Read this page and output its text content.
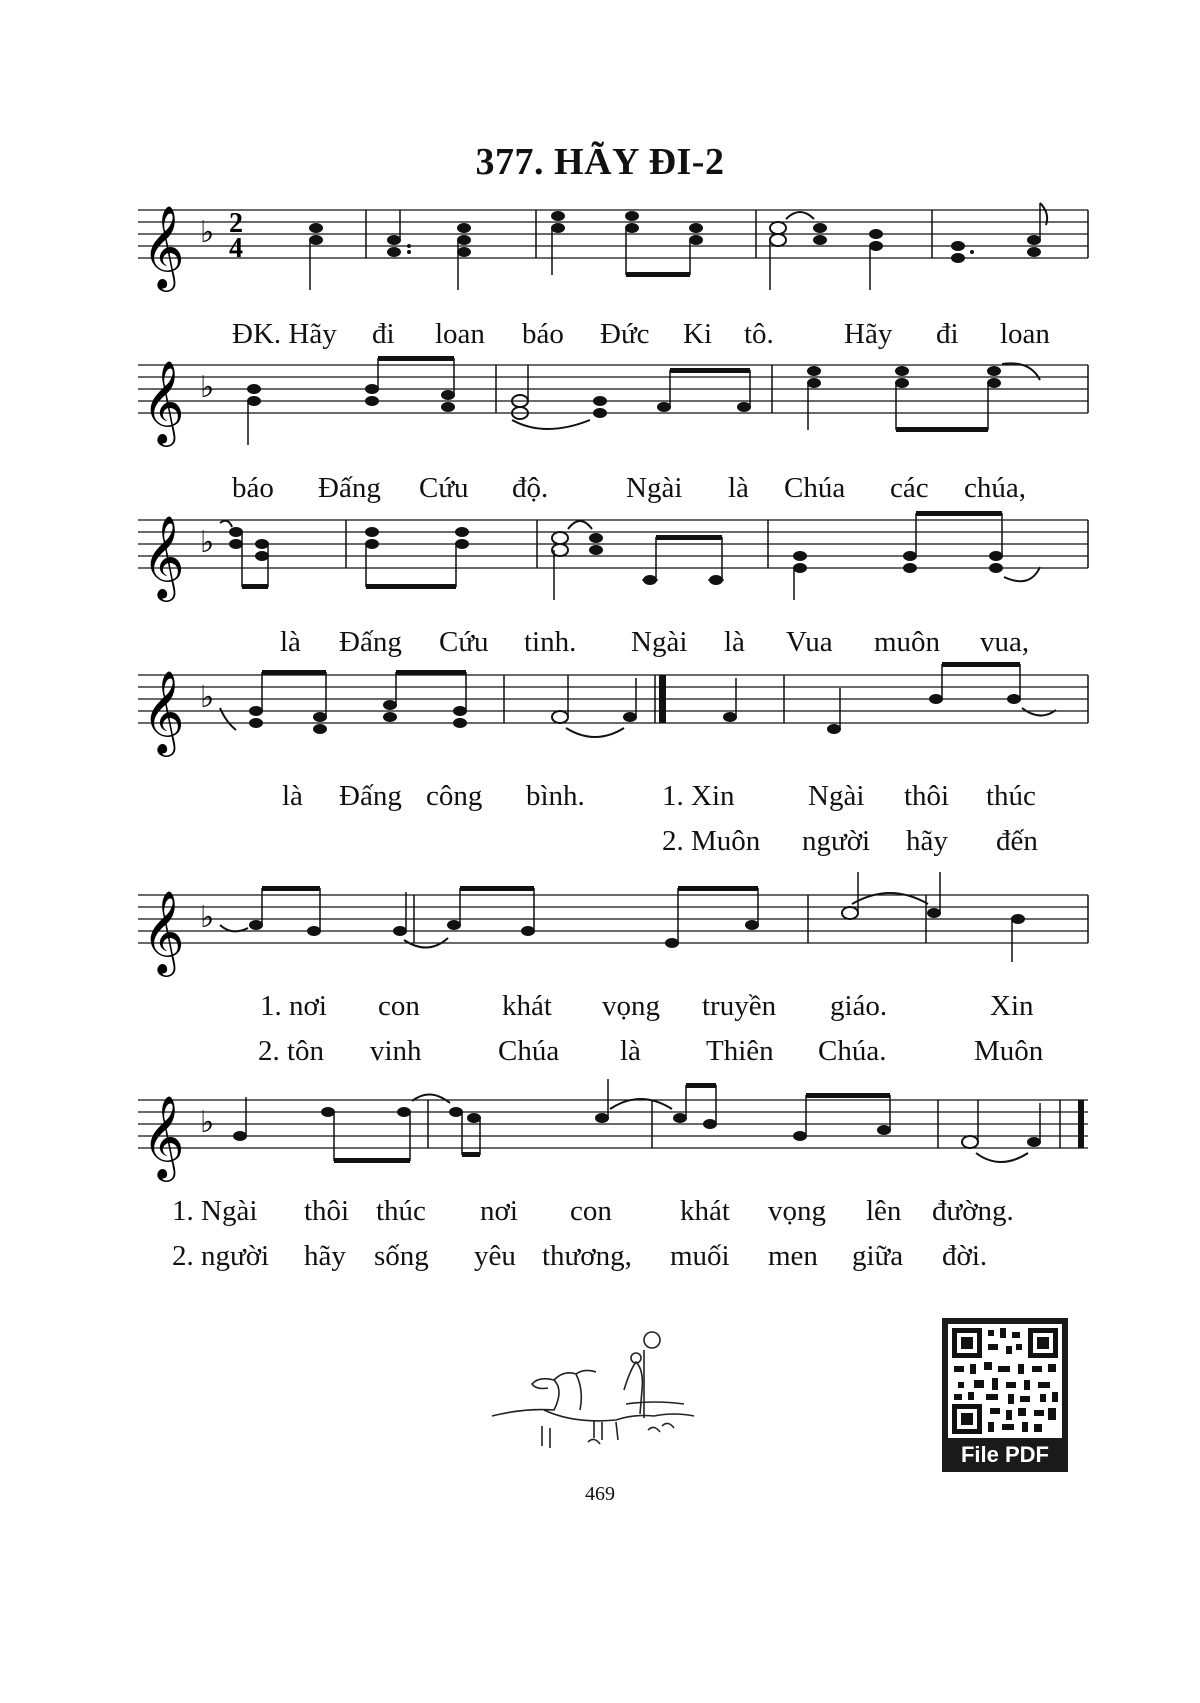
377. HÃY ĐI-2
𝄞 ♭ 2
4
ĐK. Hãy đi loan báo Đức Ki tô. Hãy đi loan
𝄞 ♭
báo Đấng Cứu độ.	Ngài là Chúa các chúa,
𝄞 ♭
là Đấng Cứu tinh. Ngài là Vua muôn vua,
𝄞 ♭
là Đấng công bình.	1. Xin	Ngài thôi thúc
2. Muôn người hãy đến
𝄞 ♭
1. nơi con	khát vọng truyền giáo.	Xin
2. tôn vinh	Chúa là Thiên Chúa.	Muôn
𝄞 ♭
1. Ngài thôi thúc nơi con khát vọng lên đường.
2. người hãy sống yêu thương, muối men giữa đời.
File PDF
469
